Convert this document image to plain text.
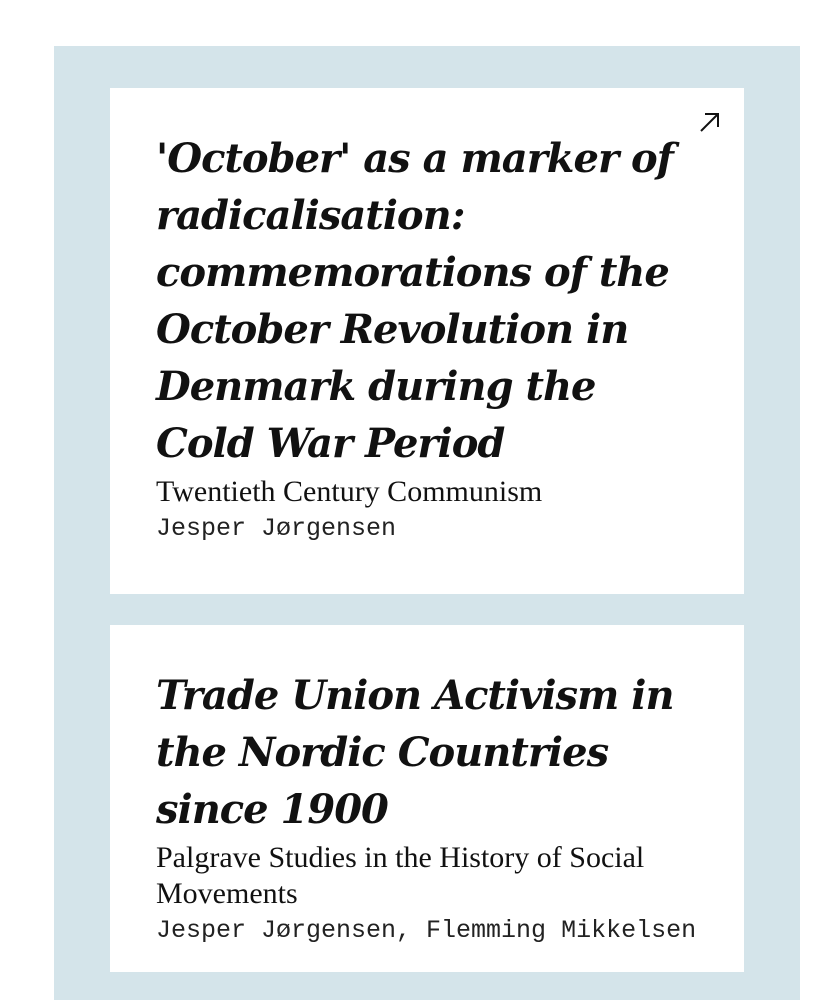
'October' as a marker of radicalisation: commemorations of the October Revolution in Denmark during the Cold War Period
Twentieth Century Communism
Jesper Jørgensen
Trade Union Activism in the Nordic Countries since 1900
Palgrave Studies in the History of Social Movements
Jesper Jørgensen, Flemming Mikkelsen
